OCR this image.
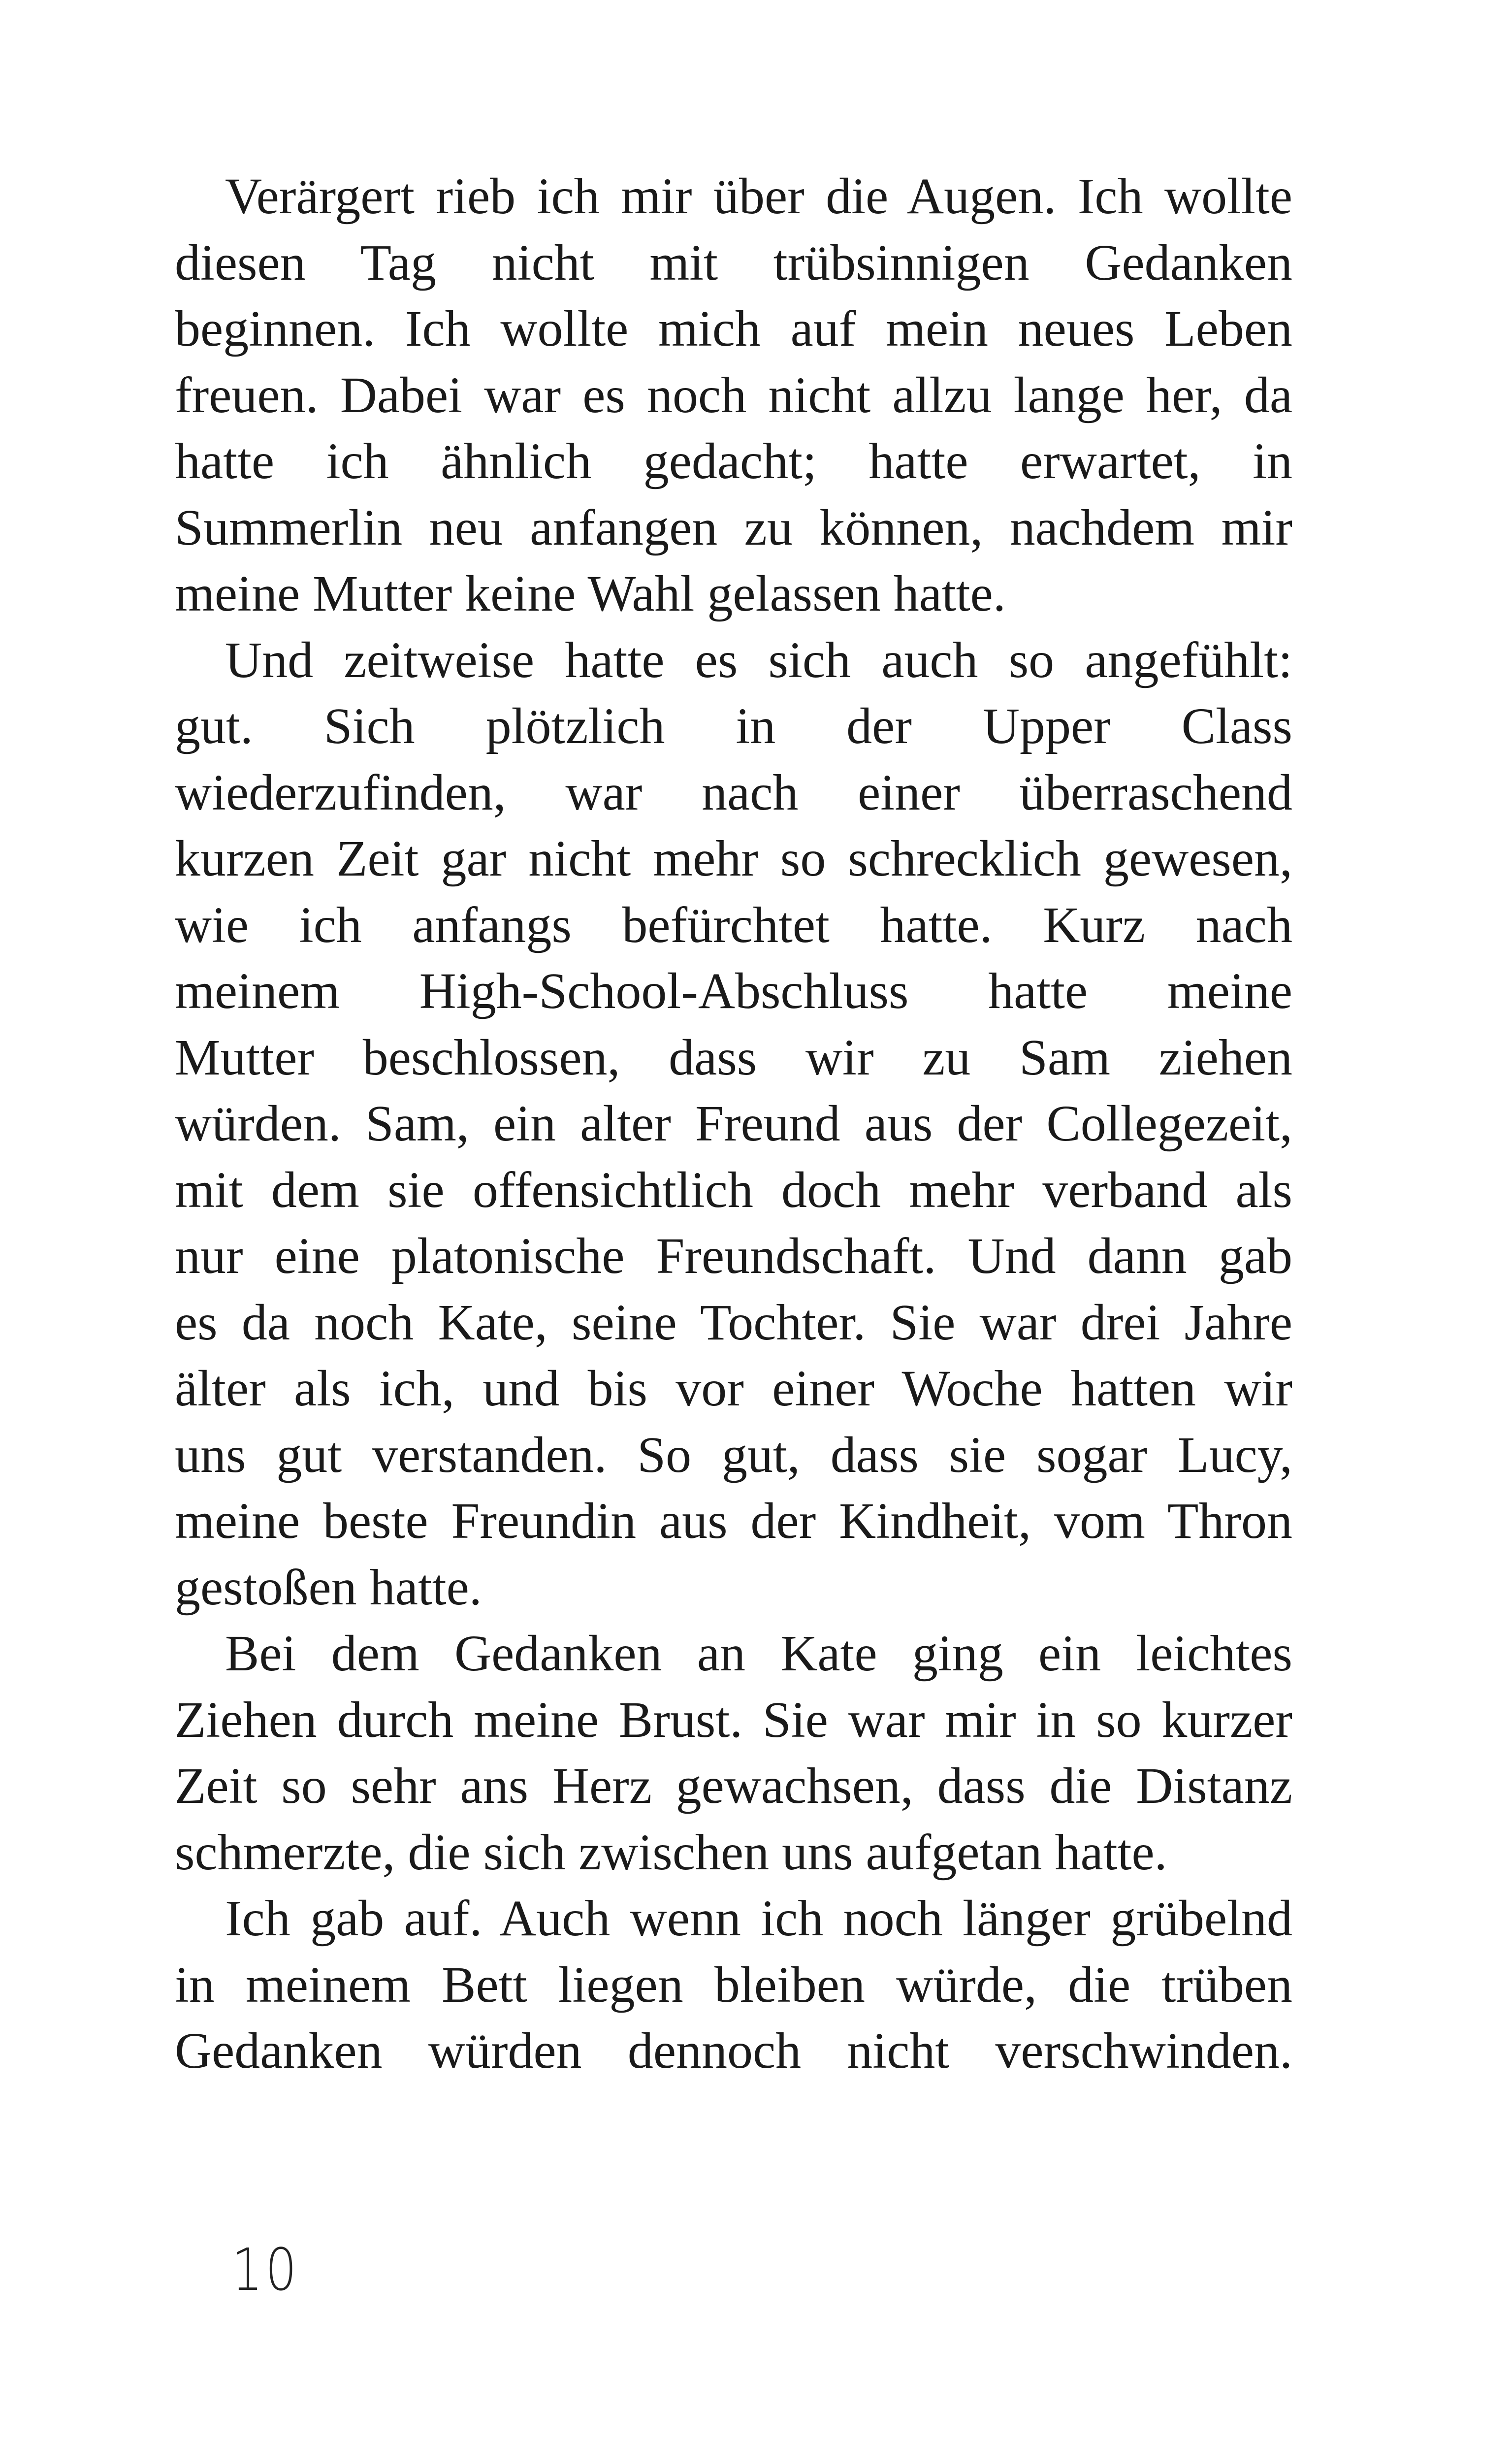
Verärgert rieb ich mir über die Augen. Ich wollte
diesen Tag nicht mit trübsinnigen Gedanken
beginnen. Ich wollte mich auf mein neues Leben
freuen. Dabei war es noch nicht allzu lange her, da
hatte ich ähnlich gedacht; hatte erwartet, in
Summerlin neu anfangen zu können, nachdem mir
meine Mutter keine Wahl gelassen hatte.
Und zeitweise hatte es sich auch so angefühlt:
gut. Sich plötzlich in der Upper Class
wiederzufinden, war nach einer überraschend
kurzen Zeit gar nicht mehr so schrecklich gewesen,
wie ich anfangs befürchtet hatte. Kurz nach
meinem High-School-Abschluss hatte meine
Mutter beschlossen, dass wir zu Sam ziehen
würden. Sam, ein alter Freund aus der Collegezeit,
mit dem sie offensichtlich doch mehr verband als
nur eine platonische Freundschaft. Und dann gab
es da noch Kate, seine Tochter. Sie war drei Jahre
älter als ich, und bis vor einer Woche hatten wir
uns gut verstanden. So gut, dass sie sogar Lucy,
meine beste Freundin aus der Kindheit, vom Thron
gestoßen hatte.
Bei dem Gedanken an Kate ging ein leichtes
Ziehen durch meine Brust. Sie war mir in so kurzer
Zeit so sehr ans Herz gewachsen, dass die Distanz
schmerzte, die sich zwischen uns aufgetan hatte.
Ich gab auf. Auch wenn ich noch länger grübelnd
in meinem Bett liegen bleiben würde, die trüben
Gedanken würden dennoch nicht verschwinden.
10
